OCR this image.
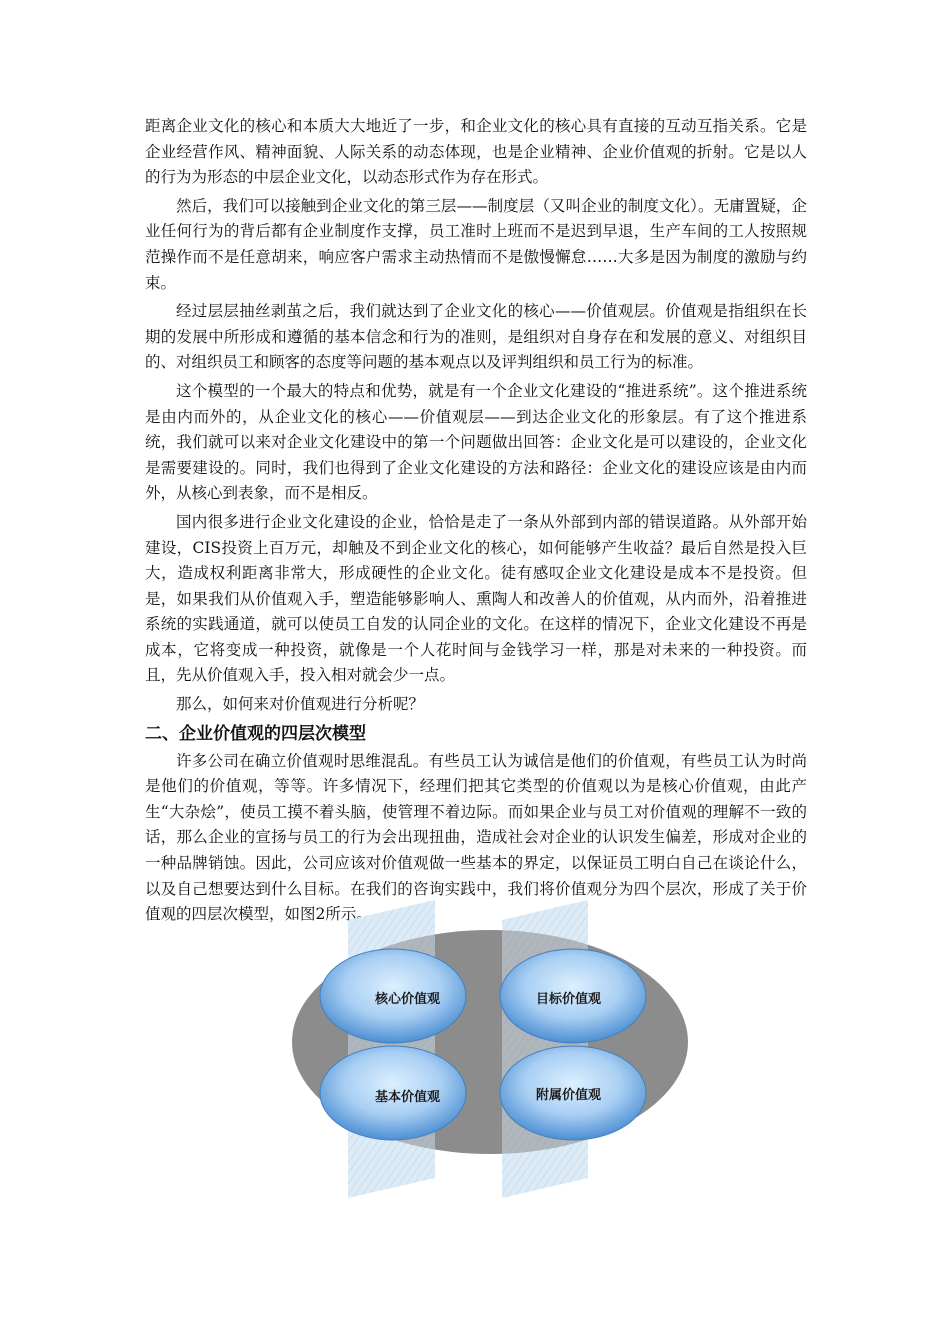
距离企业文化的核心和本质大大地近了一步，和企业文化的核心具有直接的互动互指关系。它是企业经营作风、精神面貌、人际关系的动态体现，也是企业精神、企业价值观的折射。它是以人的行为为形态的中层企业文化，以动态形式作为存在形式。

然后，我们可以接触到企业文化的第三层——制度层（又叫企业的制度文化）。无庸置疑，企业任何行为的背后都有企业制度作支撑，员工准时上班而不是迟到早退，生产车间的工人按照规范操作而不是任意胡来，响应客户需求主动热情而不是傲慢懈怠……大多是因为制度的激励与约束。

经过层层抽丝剥茧之后，我们就达到了企业文化的核心——价值观层。价值观是指组织在长期的发展中所形成和遵循的基本信念和行为的准则，是组织对自身存在和发展的意义、对组织目的、对组织员工和顾客的态度等问题的基本观点以及评判组织和员工行为的标准。

这个模型的一个最大的特点和优势，就是有一个企业文化建设的“推进系统”。这个推进系统是由内而外的，从企业文化的核心——价值观层——到达企业文化的形象层。有了这个推进系统，我们就可以来对企业文化建设中的第一个问题做出回答：企业文化是可以建设的，企业文化是需要建设的。同时，我们也得到了企业文化建设的方法和路径：企业文化的建设应该是由内而外，从核心到表象，而不是相反。

国内很多进行企业文化建设的企业，恰恰是走了一条从外部到内部的错误道路。从外部开始建设，CIS投资上百万元，却触及不到企业文化的核心，如何能够产生收益？最后自然是投入巨大，造成权利距离非常大，形成硬性的企业文化。徒有感叹企业文化建设是成本不是投资。但是，如果我们从价值观入手，塑造能够影响人、熏陶人和改善人的价值观，从内而外，沿着推进系统的实践通道，就可以使员工自发的认同企业的文化。在这样的情况下，企业文化建设不再是成本，它将变成一种投资，就像是一个人花时间与金钱学习一样，那是对未来的一种投资。而且，先从价值观入手，投入相对就会少一点。

那么，如何来对价值观进行分析呢？

二、企业价值观的四层次模型

许多公司在确立价值观时思维混乱。有些员工认为诚信是他们的价值观，有些员工认为时尚是他们的价值观，等等。许多情况下，经理们把其它类型的价值观以为是核心价值观，由此产生“大杂烩”，使员工摸不着头脑，使管理不着边际。而如果企业与员工对价值观的理解不一致的话，那么企业的宣扬与员工的行为会出现扭曲，造成社会对企业的认识发生偏差，形成对企业的一种品牌销蚀。因此，公司应该对价值观做一些基本的界定，以保证员工明白自己在谈论什么，以及自己想要达到什么目标。在我们的咨询实践中，我们将价值观分为四个层次，形成了关于价值观的四层次模型，如图2所示。

核心价值观	目标价值观
基本价值观	附属价值观
